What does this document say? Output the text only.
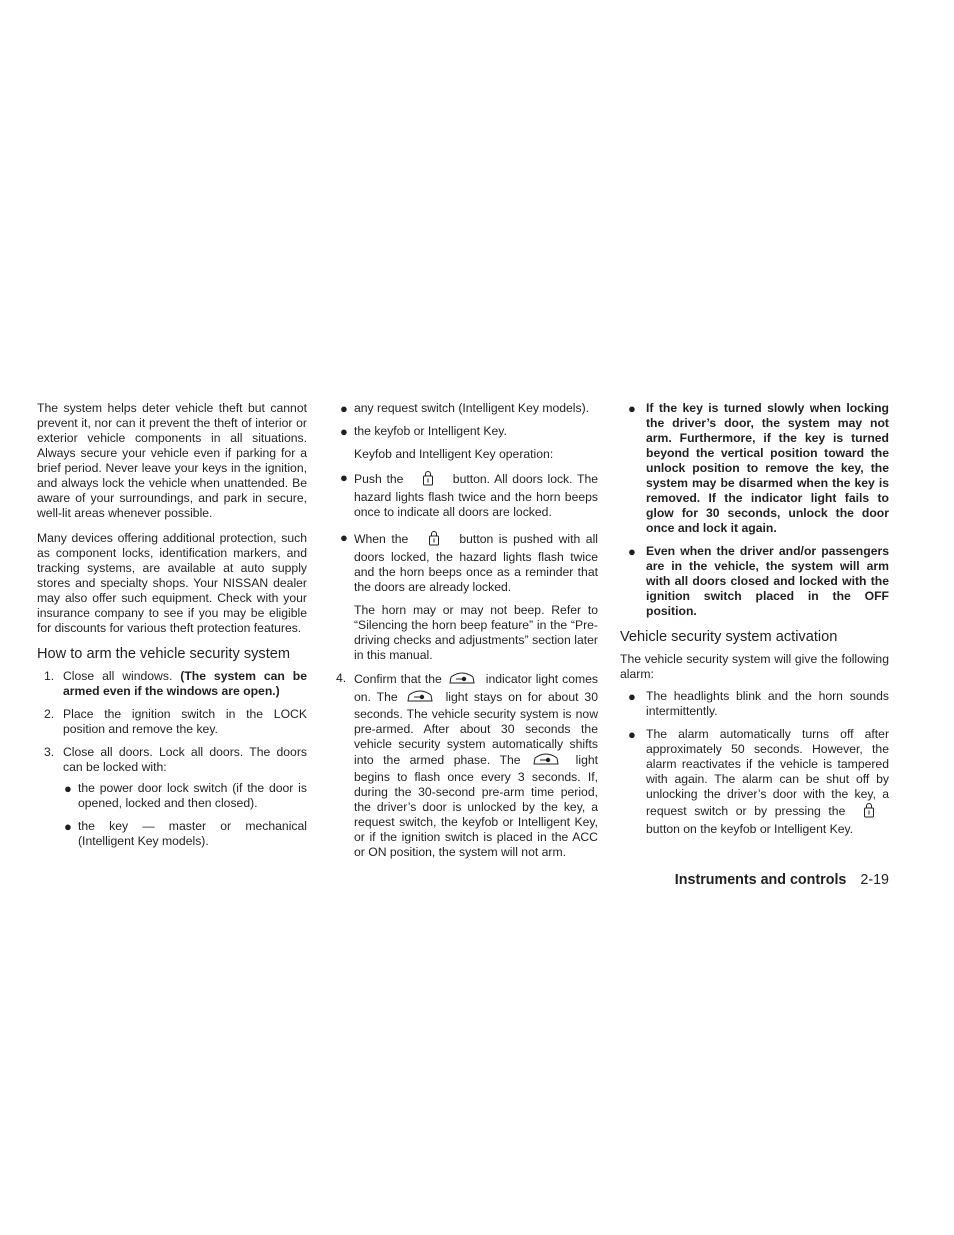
The system helps deter vehicle theft but cannot prevent it, nor can it prevent the theft of interior or exterior vehicle components in all situations. Always secure your vehicle even if parking for a brief period. Never leave your keys in the ignition, and always lock the vehicle when unattended. Be aware of your surroundings, and park in secure, well-lit areas whenever possible.

Many devices offering additional protection, such as component locks, identification markers, and tracking systems, are available at auto supply stores and specialty shops. Your NISSAN dealer may also offer such equipment. Check with your insurance company to see if you may be eligible for discounts for various theft protection features.

How to arm the vehicle security system
1. Close all windows. (The system can be armed even if the windows are open.)
2. Place the ignition switch in the LOCK position and remove the key.
3. Close all doors. Lock all doors. The doors can be locked with:
● the power door lock switch (if the door is opened, locked and then closed).
● the key — master or mechanical (Intelligent Key models).
● any request switch (Intelligent Key models).
● the keyfob or Intelligent Key.

Keyfob and Intelligent Key operation:

● Push the	button. All doors lock. The hazard lights flash twice and the horn beeps once to indicate all doors are locked.
● When the	button is pushed with all doors locked, the hazard lights flash twice and the horn beeps once as a reminder that the doors are already locked.

The horn may or may not beep. Refer to “Silencing the horn beep feature” in the “Pre-driving checks and adjustments” section later in this manual.

4. Confirm that the	indicator light comes on. The	light stays on for about 30 seconds. The vehicle security system is now pre-armed. After about 30 seconds the vehicle security system automatically shifts into the armed phase. The	light begins to flash once every 3 seconds. If, during the 30-second pre-arm time period, the driver’s door is unlocked by the key, a request switch, the keyfob or Intelligent Key, or if the ignition switch is placed in the ACC or ON position, the system will not arm.
● If the key is turned slowly when locking the driver’s door, the system may not arm. Furthermore, if the key is turned beyond the vertical position toward the unlock position to remove the key, the system may be disarmed when the key is removed. If the indicator light fails to glow for 30 seconds, unlock the door once and lock it again.
● Even when the driver and/or passengers are in the vehicle, the system will arm with all doors closed and locked with the ignition switch placed in the OFF position.
Vehicle security system activation

The vehicle security system will give the following alarm:

● The headlights blink and the horn sounds intermittently.
● The alarm automatically turns off after approximately 50 seconds. However, the alarm reactivates if the vehicle is tampered with again. The alarm can be shut off by unlocking the driver’s door with the key, a request switch or by pressing the  button on the keyfob or Intelligent Key.
Instruments and controls 2-19
